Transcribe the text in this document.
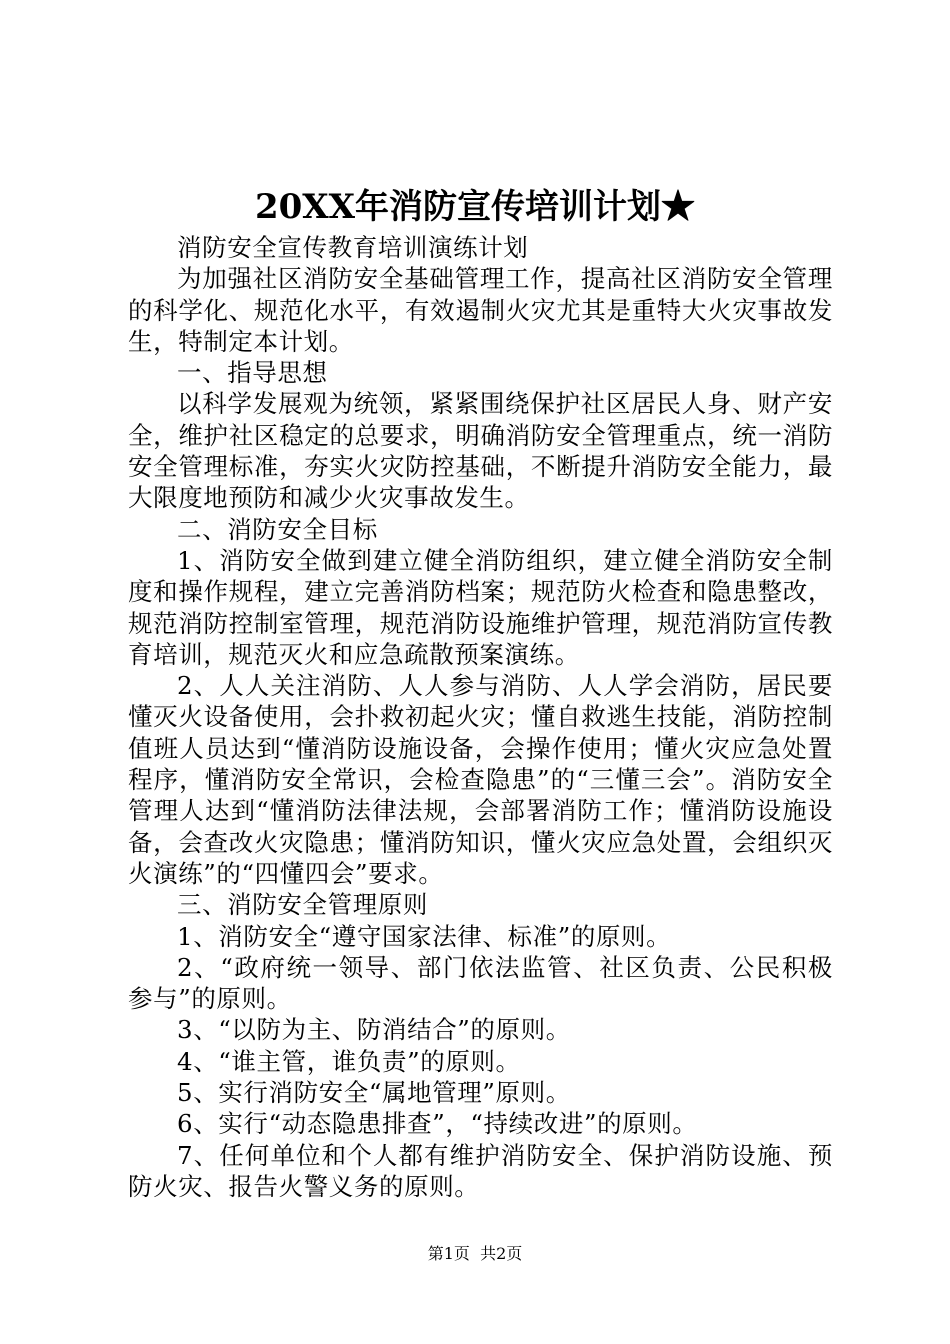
20XX年消防宣传培训计划★

消防安全宣传教育培训演练计划

为加强社区消防安全基础管理工作，提高社区消防安全管理的科学化、规范化水平，有效遏制火灾尤其是重特大火灾事故发生，特制定本计划。

一、指导思想

以科学发展观为统领，紧紧围绕保护社区居民人身、财产安全，维护社区稳定的总要求，明确消防安全管理重点，统一消防安全管理标准，夯实火灾防控基础，不断提升消防安全能力，最大限度地预防和减少火灾事故发生。

二、消防安全目标

1、消防安全做到建立健全消防组织，建立健全消防安全制度和操作规程，建立完善消防档案；规范防火检查和隐患整改，规范消防控制室管理，规范消防设施维护管理，规范消防宣传教育培训，规范灭火和应急疏散预案演练。

2、人人关注消防、人人参与消防、人人学会消防，居民要懂灭火设备使用，会扑救初起火灾；懂自救逃生技能，消防控制值班人员达到“懂消防设施设备，会操作使用；懂火灾应急处置程序，懂消防安全常识，会检查隐患”的“三懂三会”。消防安全管理人达到“懂消防法律法规，会部署消防工作；懂消防设施设备，会查改火灾隐患；懂消防知识，懂火灾应急处置，会组织灭火演练”的“四懂四会”要求。

三、消防安全管理原则

1、消防安全“遵守国家法律、标准”的原则。

2、“政府统一领导、部门依法监管、社区负责、公民积极参与”的原则。

3、“以防为主、防消结合”的原则。

4、“谁主管，谁负责”的原则。

5、实行消防安全“属地管理”原则。

6、实行“动态隐患排查”，“持续改进”的原则。

7、任何单位和个人都有维护消防安全、保护消防设施、预防火灾、报告火警义务的原则。

第1页  共2页
